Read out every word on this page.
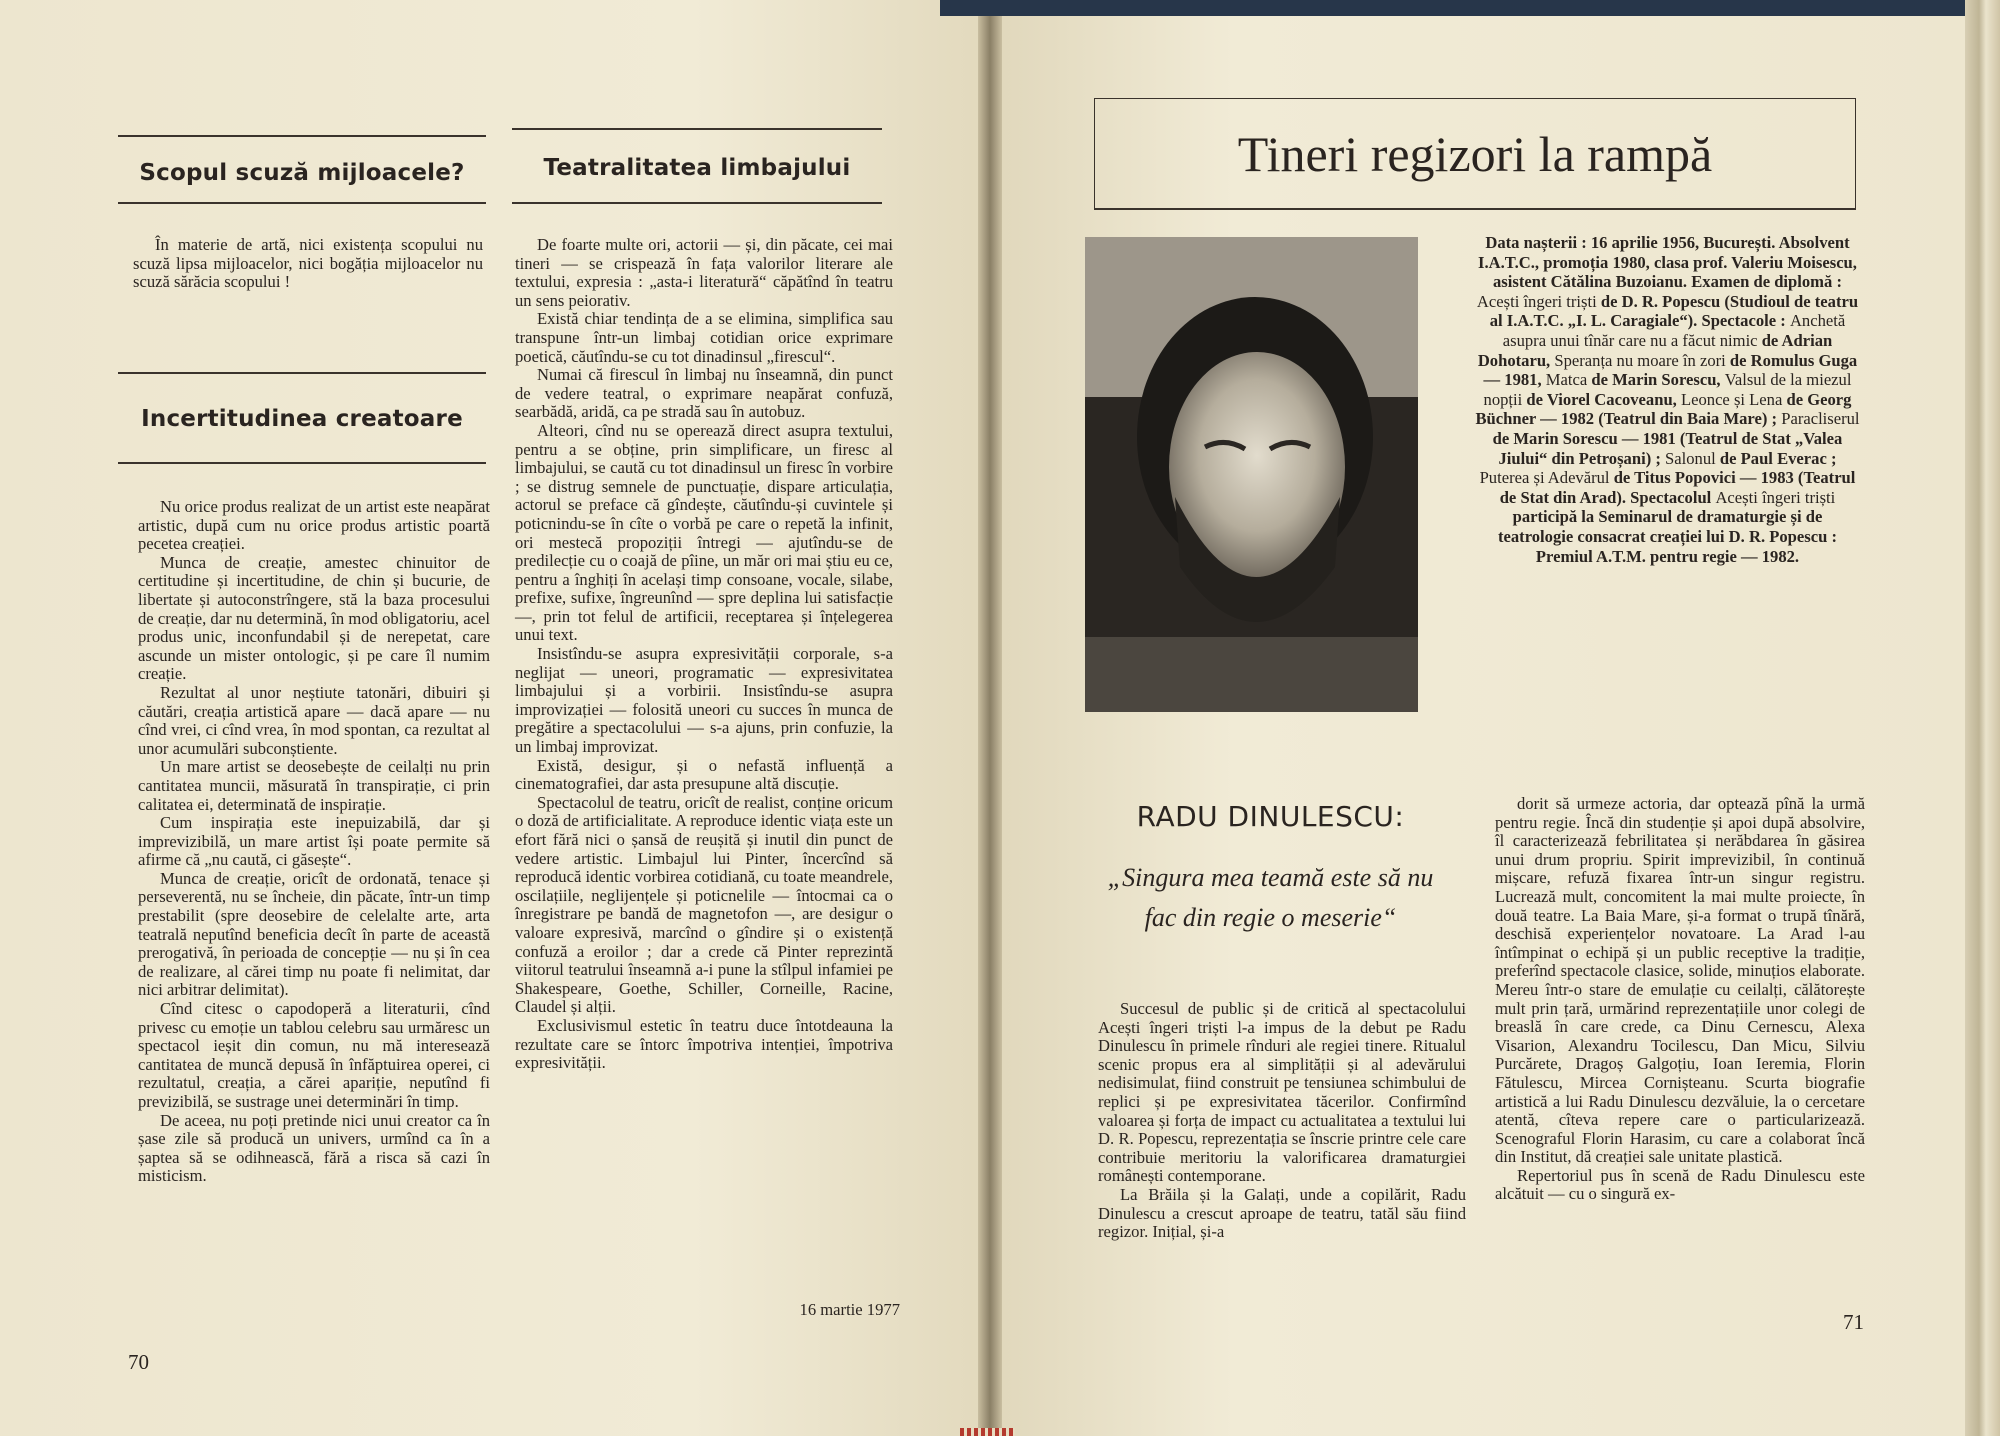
Scopul scuză mijloacele?

În materie de artă, nici existența scopului nu scuză lipsa mijloacelor, nici bogăția mijloacelor nu scuză sărăcia scopului !

Incertitudinea creatoare

Nu orice produs realizat de un artist este neapărat artistic, după cum nu orice produs artistic poartă pecetea creației.

Munca de creație, amestec chinuitor de certitudine și incertitudine, de chin și bucurie, de libertate și autoconstrîngere, stă la baza procesului de creație, dar nu determină, în mod obligatoriu, acel produs unic, inconfundabil și de nerepetat, care ascunde un mister ontologic, și pe care îl numim creație.

Rezultat al unor neștiute tatonări, dibuiri și căutări, creația artistică apare — dacă apare — nu cînd vrei, ci cînd vrea, în mod spontan, ca rezultat al unor acumulări subconștiente.

Un mare artist se deosebește de ceilalți nu prin cantitatea muncii, măsurată în transpirație, ci prin calitatea ei, determinată de inspirație.

Cum inspirația este inepuizabilă, dar și imprevizibilă, un mare artist își poate permite să afirme că „nu caută, ci găsește“.

Munca de creație, oricît de ordonată, tenace și perseverentă, nu se încheie, din păcate, într-un timp prestabilit (spre deosebire de celelalte arte, arta teatrală neputînd beneficia decît în parte de această prerogativă, în perioada de concepție — nu și în cea de realizare, al cărei timp nu poate fi nelimitat, dar nici arbitrar delimitat).

Cînd citesc o capodoperă a literaturii, cînd privesc cu emoție un tablou celebru sau urmăresc un spectacol ieșit din comun, nu mă interesează cantitatea de muncă depusă în înfăptuirea operei, ci rezultatul, creația, a cărei apariție, neputînd fi previzibilă, se sustrage unei determinări în timp.

De aceea, nu poți pretinde nici unui creator ca în șase zile să producă un univers, urmînd ca în a șaptea să se odihnească, fără a risca să cazi în misticism.

Teatralitatea limbajului

De foarte multe ori, actorii — și, din păcate, cei mai tineri — se crispează în fața valorilor literare ale textului, expresia : „asta-i literatură“ căpătînd în teatru un sens peiorativ.

Există chiar tendința de a se elimina, simplifica sau transpune într-un limbaj cotidian orice exprimare poetică, căutîndu-se cu tot dinadinsul „firescul“.

Numai că firescul în limbaj nu înseamnă, din punct de vedere teatral, o exprimare neapărat confuză, searbădă, aridă, ca pe stradă sau în autobuz.

Alteori, cînd nu se operează direct asupra textului, pentru a se obține, prin simplificare, un firesc al limbajului, se caută cu tot dinadinsul un firesc în vorbire ; se distrug semnele de punctuație, dispare articulația, actorul se preface că gîndește, căutîndu-și cuvintele și poticnindu-se în cîte o vorbă pe care o repetă la infinit, ori mestecă propoziții întregi — ajutîndu-se de predilecție cu o coajă de pîine, un măr ori mai știu eu ce, pentru a înghiți în același timp consoane, vocale, silabe, prefixe, sufixe, îngreunînd — spre deplina lui satisfacție —, prin tot felul de artificii, receptarea și înțelegerea unui text.

Insistîndu-se asupra expresivității corporale, s-a neglijat — uneori, programatic — expresivitatea limbajului și a vorbirii. Insistîndu-se asupra improvizației — folosită uneori cu succes în munca de pregătire a spectacolului — s-a ajuns, prin confuzie, la un limbaj improvizat.

Există, desigur, și o nefastă influență a cinematografiei, dar asta presupune altă discuție.

Spectacolul de teatru, oricît de realist, conține oricum o doză de artificialitate. A reproduce identic viața este un efort fără nici o șansă de reușită și inutil din punct de vedere artistic. Limbajul lui Pinter, încercînd să reproducă identic vorbirea cotidiană, cu toate meandrele, oscilațiile, neglijențele și poticnelile — întocmai ca o înregistrare pe bandă de magnetofon —, are desigur o valoare expresivă, marcînd o gîndire și o existență confuză a eroilor ; dar a crede că Pinter reprezintă viitorul teatrului înseamnă a-i pune la stîlpul infamiei pe Shakespeare, Goethe, Schiller, Corneille, Racine, Claudel și alții.

Exclusivismul estetic în teatru duce întotdeauna la rezultate care se întorc împotriva intenției, împotriva expresivității.

16 martie 1977
70
Tineri regizori la rampă
Data nașterii : 16 aprilie 1956, București. Absolvent I.A.T.C., promoția 1980, clasa prof. Valeriu Moisescu, asistent Cătălina Buzoianu. Examen de diplomă : Acești îngeri triști de D. R. Popescu (Studioul de teatru al I.A.T.C. „I. L. Caragiale“). Spectacole : Anchetă asupra unui tînăr care nu a făcut nimic de Adrian Dohotaru, Speranța nu moare în zori de Romulus Guga — 1981, Matca de Marin Sorescu, Valsul de la miezul nopții de Viorel Cacoveanu, Leonce și Lena de Georg Büchner — 1982 (Teatrul din Baia Mare) ; Paracliserul de Marin Sorescu — 1981 (Teatrul de Stat „Valea Jiului“ din Petroșani) ; Salonul de Paul Everac ; Puterea și Adevărul de Titus Popovici — 1983 (Teatrul de Stat din Arad). Spectacolul Acești îngeri triști participă la Seminarul de dramaturgie și de teatrologie consacrat creației lui D. R. Popescu : Premiul A.T.M. pentru regie — 1982.
RADU DINULESCU:
„Singura mea teamă este să nu fac din regie o meserie“

Succesul de public și de critică al spectacolului Acești îngeri triști l-a impus de la debut pe Radu Dinulescu în primele rînduri ale regiei tinere. Ritualul scenic propus era al simplității și al adevărului nedisimulat, fiind construit pe tensiunea schimbului de replici și pe expresivitatea tăcerilor. Confirmînd valoarea și forța de impact cu actualitatea a textului lui D. R. Popescu, reprezentația se înscrie printre cele care contribuie meritoriu la valorificarea dramaturgiei românești contemporane.

La Brăila și la Galați, unde a copilărit, Radu Dinulescu a crescut aproape de teatru, tatăl său fiind regizor. Inițial, și-a

dorit să urmeze actoria, dar optează pînă la urmă pentru regie. Încă din studenție și apoi după absolvire, îl caracterizează febrilitatea și nerăbdarea în găsirea unui drum propriu. Spirit imprevizibil, în continuă mișcare, refuză fixarea într-un singur registru. Lucrează mult, concomitent la mai multe proiecte, în două teatre. La Baia Mare, și-a format o trupă tînără, deschisă experiențelor novatoare. La Arad l-au întîmpinat o echipă și un public receptive la tradiție, preferînd spectacole clasice, solide, minuțios elaborate. Mereu într-o stare de emulație cu ceilalți, călătorește mult prin țară, urmărind reprezentațiile unor colegi de breaslă în care crede, ca Dinu Cernescu, Alexa Visarion, Alexandru Tocilescu, Dan Micu, Silviu Purcărete, Dragoș Galgoțiu, Ioan Ieremia, Florin Fătulescu, Mircea Cornișteanu. Scurta biografie artistică a lui Radu Dinulescu dezvăluie, la o cercetare atentă, cîteva repere care o particularizează. Scenograful Florin Harasim, cu care a colaborat încă din Institut, dă creației sale unitate plastică.

Repertoriul pus în scenă de Radu Dinulescu este alcătuit — cu o singură ex-

71
